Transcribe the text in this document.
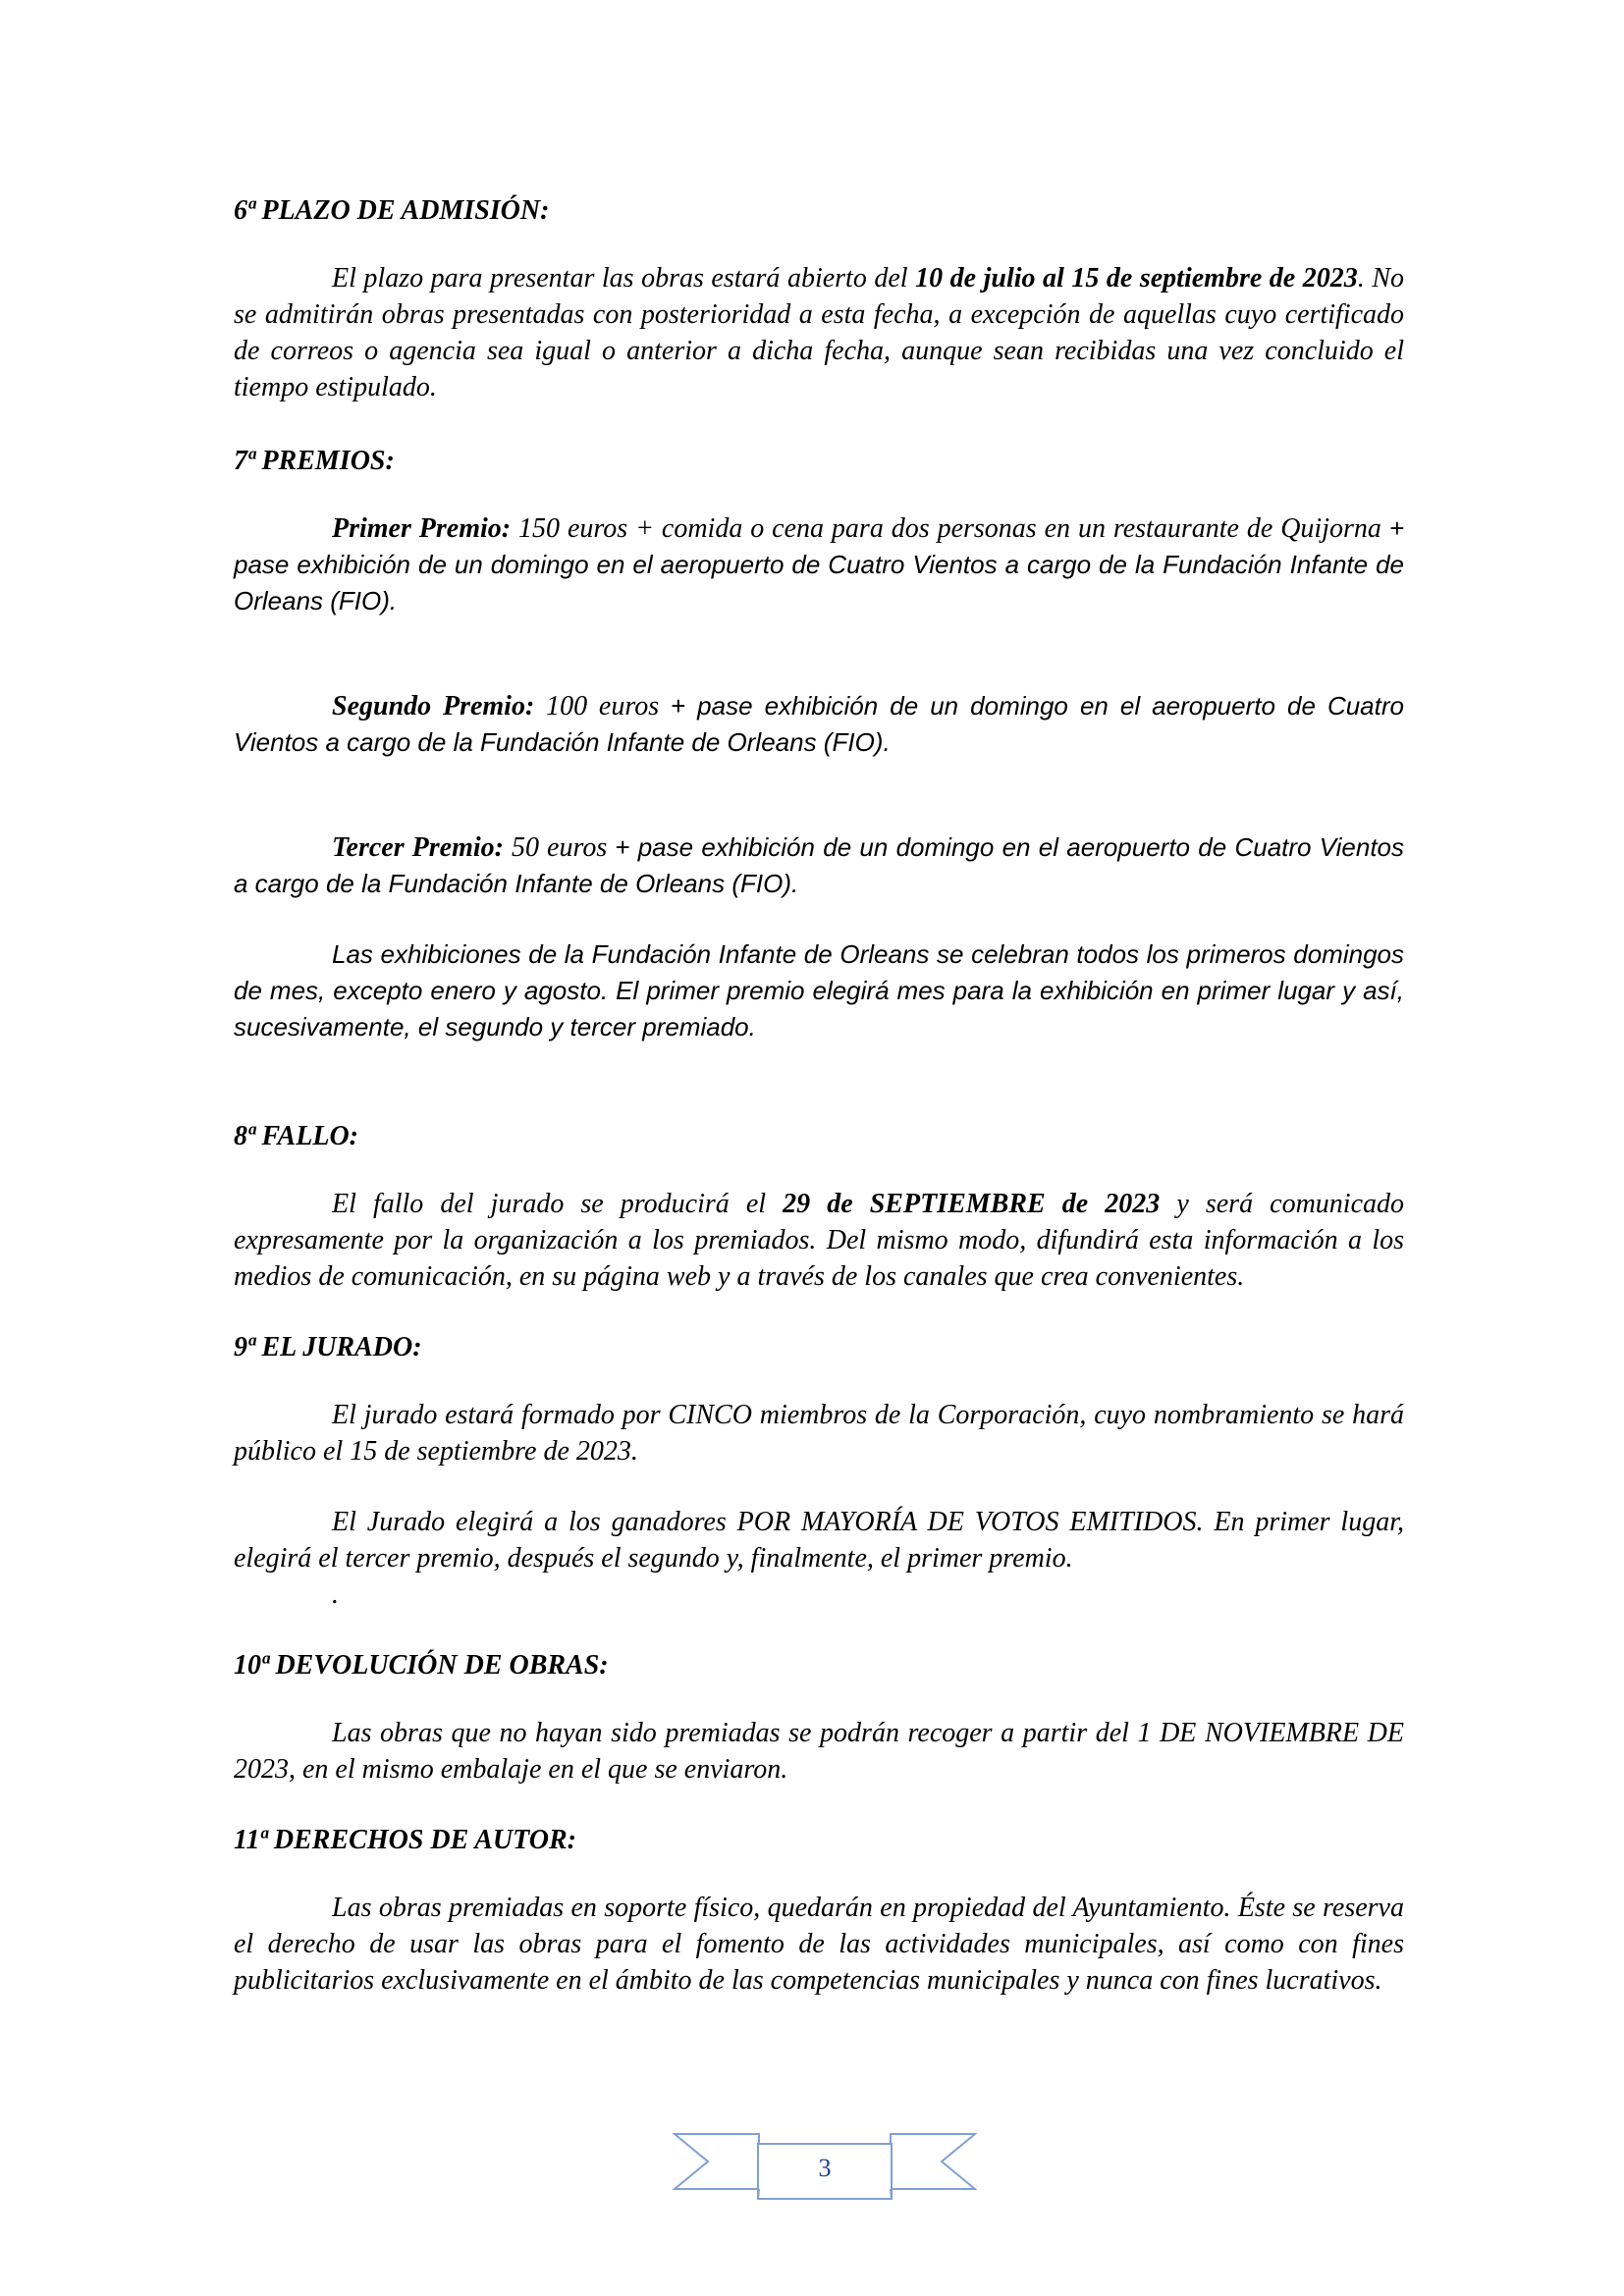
6ª PLAZO DE ADMISIÓN:

El plazo para presentar las obras estará abierto del 10 de julio al 15 de septiembre de 2023. No se admitirán obras presentadas con posterioridad a esta fecha, a excepción de aquellas cuyo certificado de correos o agencia sea igual o anterior a dicha fecha, aunque sean recibidas una vez concluido el tiempo estipulado.

7ª PREMIOS:

Primer Premio: 150 euros + comida o cena para dos personas en un restaurante de Quijorna + pase exhibición de un domingo en el aeropuerto de Cuatro Vientos a cargo de la Fundación Infante de Orleans (FIO).

Segundo Premio: 100 euros + pase exhibición de un domingo en el aeropuerto de Cuatro Vientos a cargo de la Fundación Infante de Orleans (FIO).

Tercer Premio: 50 euros + pase exhibición de un domingo en el aeropuerto de Cuatro Vientos a cargo de la Fundación Infante de Orleans (FIO).

Las exhibiciones de la Fundación Infante de Orleans se celebran todos los primeros domingos de mes, excepto enero y agosto. El primer premio elegirá mes para la exhibición en primer lugar y así, sucesivamente, el segundo y tercer premiado.

8ª FALLO:

El fallo del jurado se producirá el 29 de SEPTIEMBRE de 2023 y será comunicado expresamente por la organización a los premiados. Del mismo modo, difundirá esta información a los medios de comunicación, en su página web y a través de los canales que crea convenientes.

9ª EL JURADO:

El jurado estará formado por CINCO miembros de la Corporación, cuyo nombramiento se hará público el 15 de septiembre de 2023.

El Jurado elegirá a los ganadores POR MAYORÍA DE VOTOS EMITIDOS. En primer lugar, elegirá el tercer premio, después el segundo y, finalmente, el primer premio.

.
10ª DEVOLUCIÓN DE OBRAS:

Las obras que no hayan sido premiadas se podrán recoger a partir del 1 DE NOVIEMBRE DE 2023, en el mismo embalaje en el que se enviaron.

11ª DERECHOS DE AUTOR:

Las obras premiadas en soporte físico, quedarán en propiedad del Ayuntamiento. Éste se reserva el derecho de usar las obras para el fomento de las actividades municipales, así como con fines publicitarios exclusivamente en el ámbito de las competencias municipales y nunca con fines lucrativos.

3
